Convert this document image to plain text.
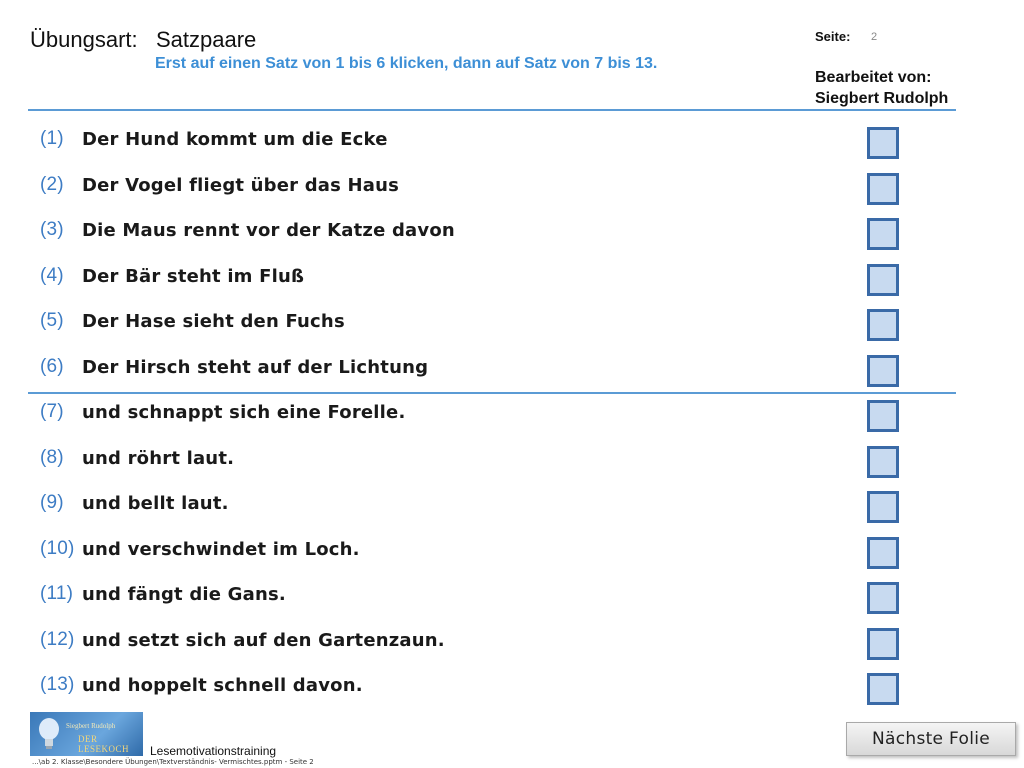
Übungsart: Satzpaare
Erst auf einen Satz von 1 bis 6 klicken, dann auf Satz von 7 bis 13.
Seite: 2
Bearbeitet von:
Siegbert Rudolph
(1)	Der Hund kommt um die Ecke
(2)	Der Vogel fliegt über das Haus
(3)	Die Maus rennt vor der Katze davon
(4)	Der Bär steht im Fluß
(5)	Der Hase sieht den Fuchs
(6)	Der Hirsch steht auf der Lichtung
(7)	und schnappt sich eine Forelle.
(8)	und röhrt laut.
(9)	und bellt laut.
(10) und verschwindet im Loch.
(11) und fängt die Gans.
(12) und setzt sich auf den Gartenzaun.
(13) und hoppelt schnell davon.
Siegbert Rudolph
DER LESEKOCH	Lesemotivationstraining
...\ab 2. Klasse\Besondere Übungen\Textverständnis- Vermischtes.pptm - Seite 2
Nächste Folie
